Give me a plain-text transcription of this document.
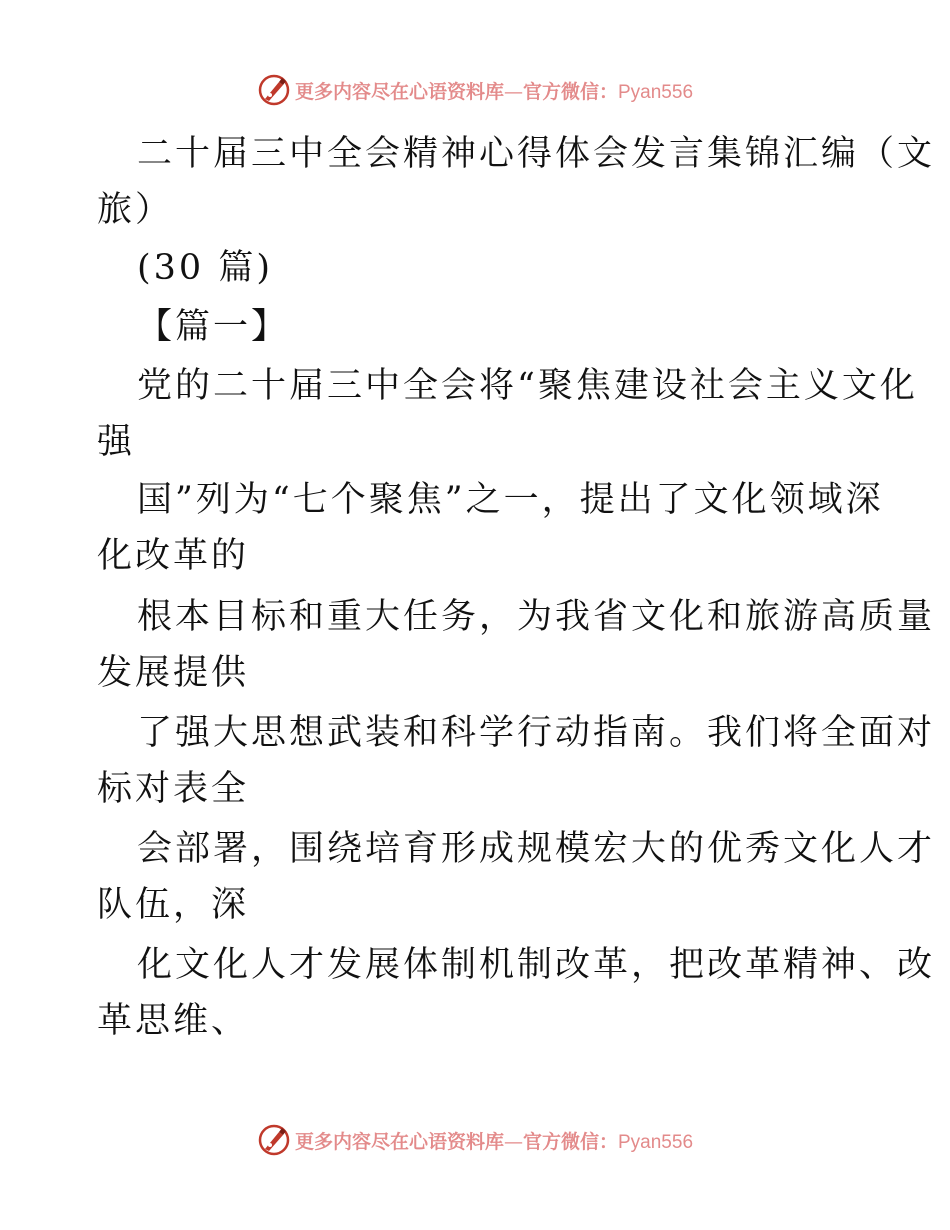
更多内容尽在心语资料库—官方微信：Pyan556
二十届三中全会精神心得体会发言集锦汇编（文
旅）
(30 篇)
【篇一】
党的二十届三中全会将“聚焦建设社会主义文化
强
国”列为“七个聚焦”之一，提出了文化领域深
化改革的
根本目标和重大任务，为我省文化和旅游高质量
发展提供
了强大思想武装和科学行动指南。我们将全面对
标对表全
会部署，围绕培育形成规模宏大的优秀文化人才
队伍，深
化文化人才发展体制机制改革，把改革精神、改
革思维、
更多内容尽在心语资料库—官方微信：Pyan556
